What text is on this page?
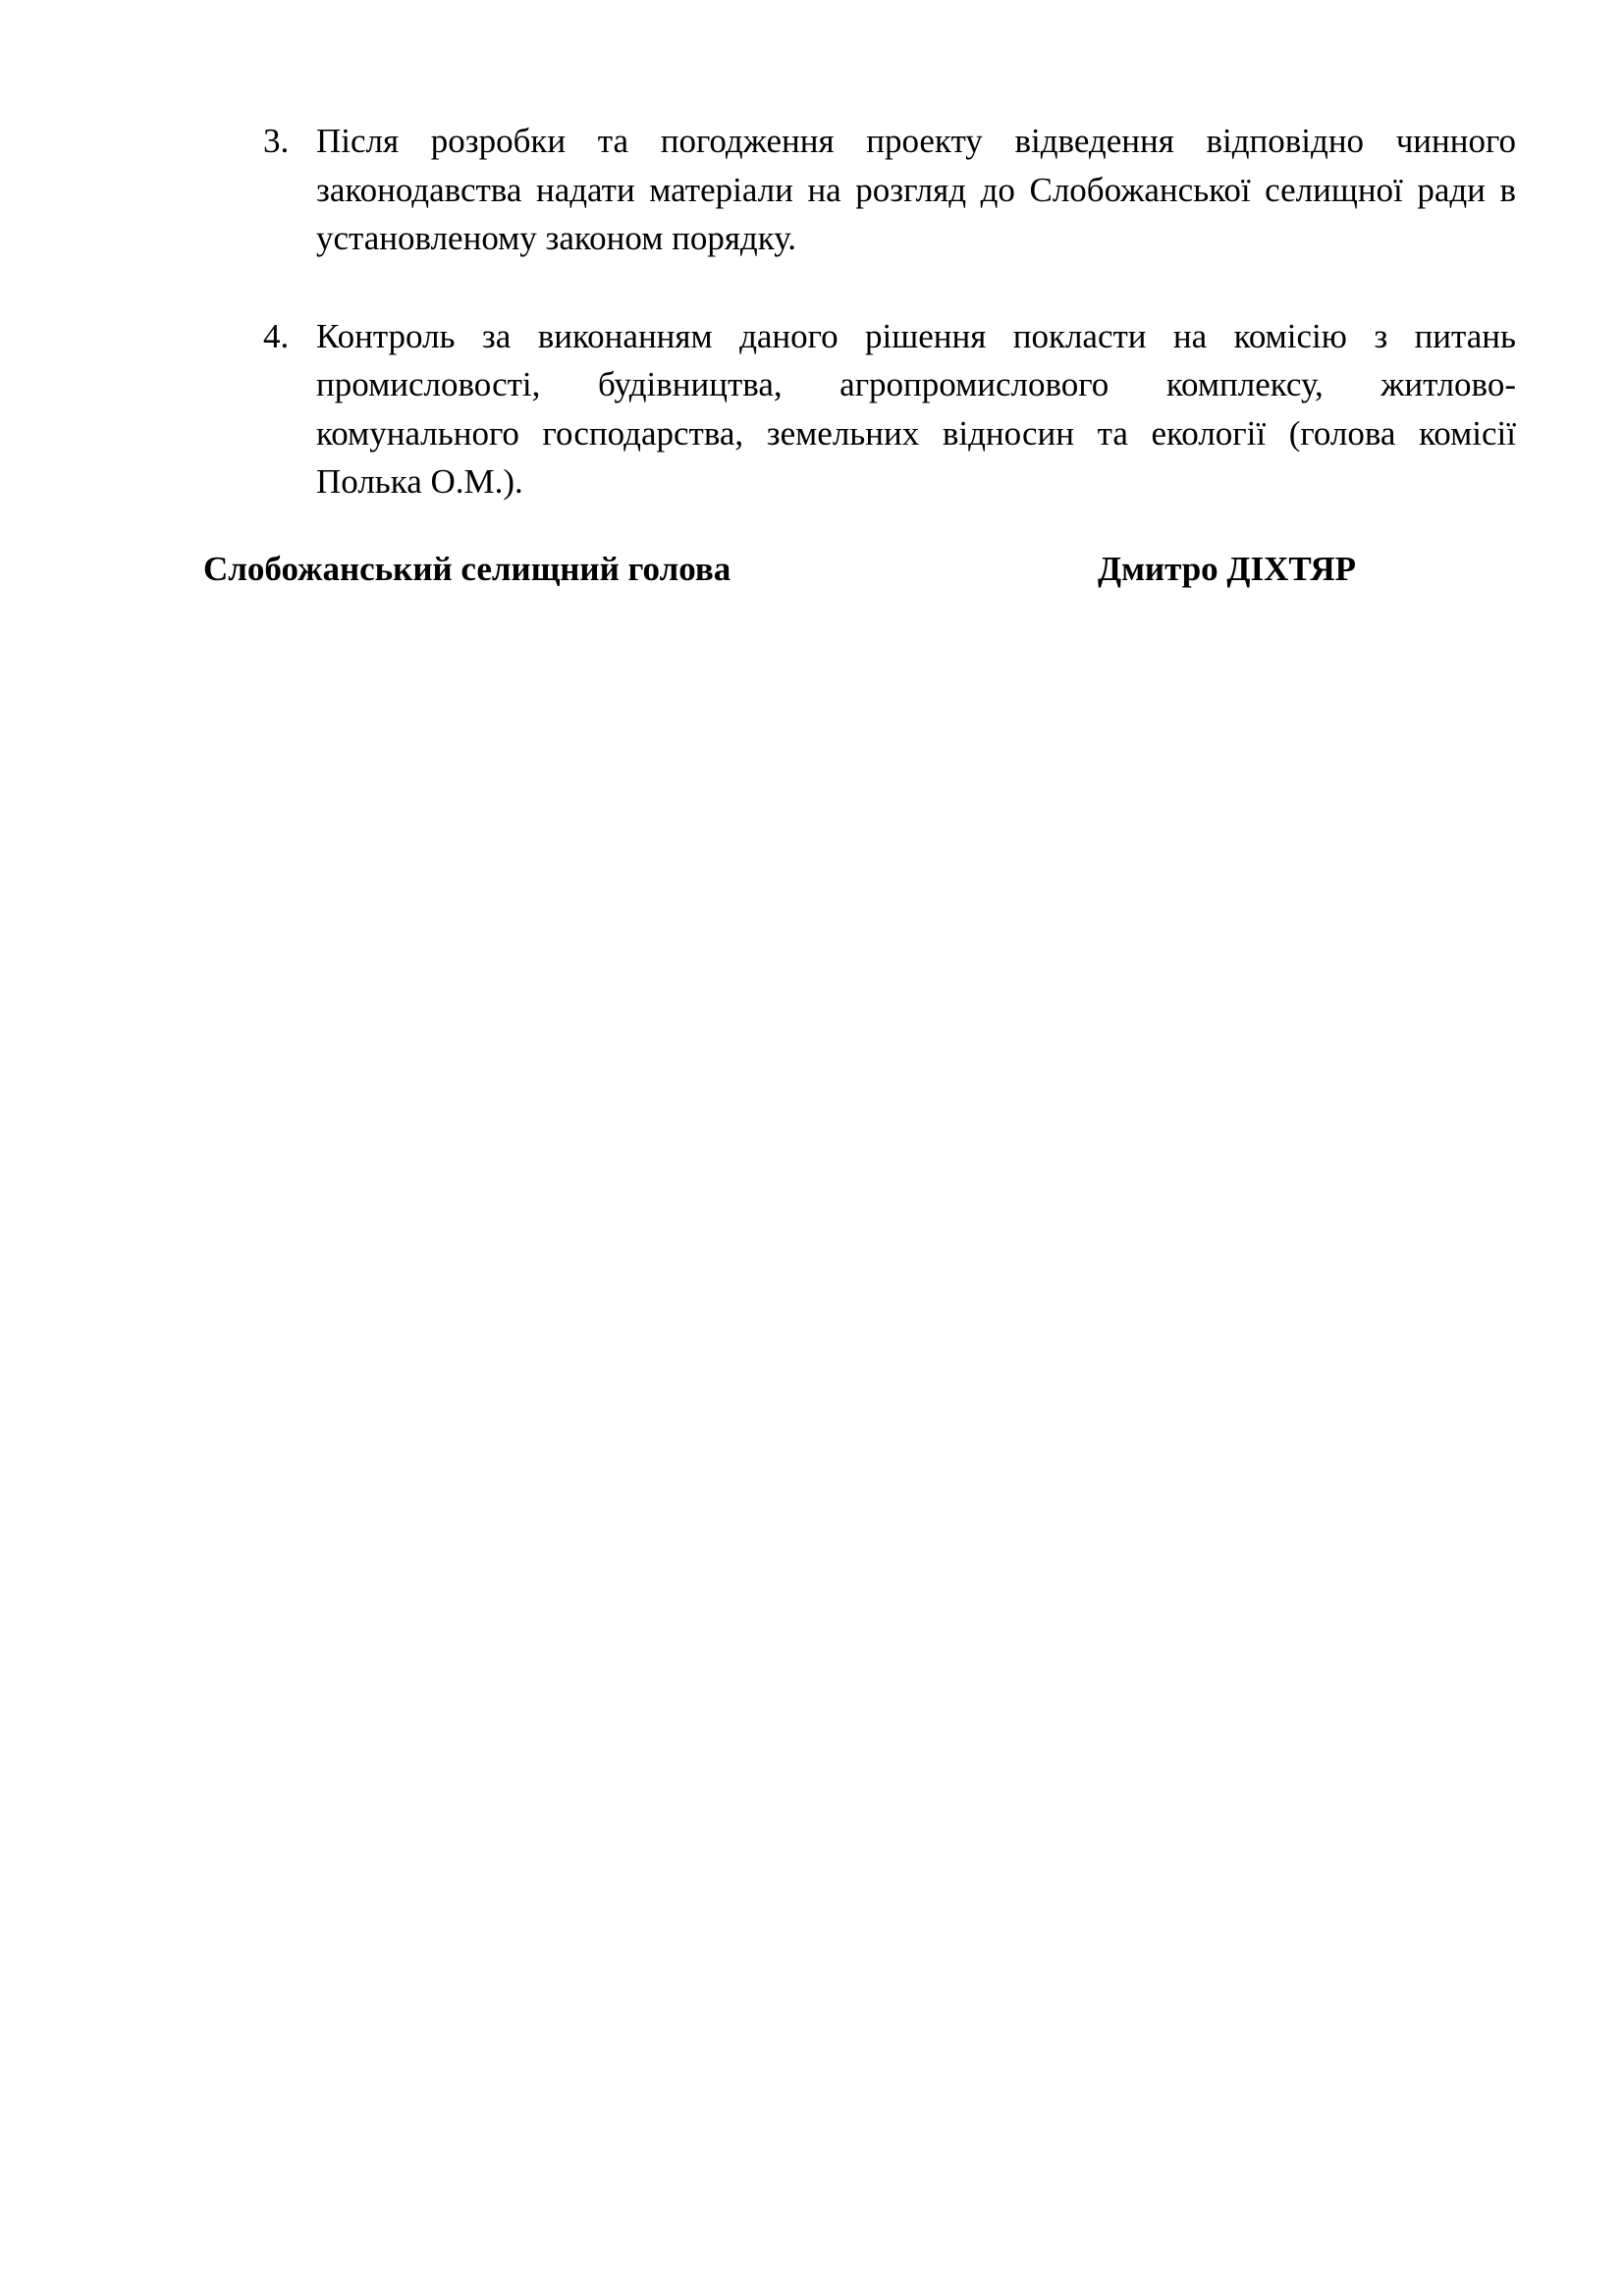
3. Після розробки та погодження проекту відведення відповідно чинного законодавства надати матеріали на розгляд до Слобожанської селищної ради в установленому законом порядку.
4. Контроль за виконанням даного рішення покласти на комісію з питань промисловості, будівництва, агропромислового комплексу, житлово-комунального господарства, земельних відносин та екології (голова комісії Полька О.М.).
Слобожанський селищний голова	Дмитро ДІХТЯР
